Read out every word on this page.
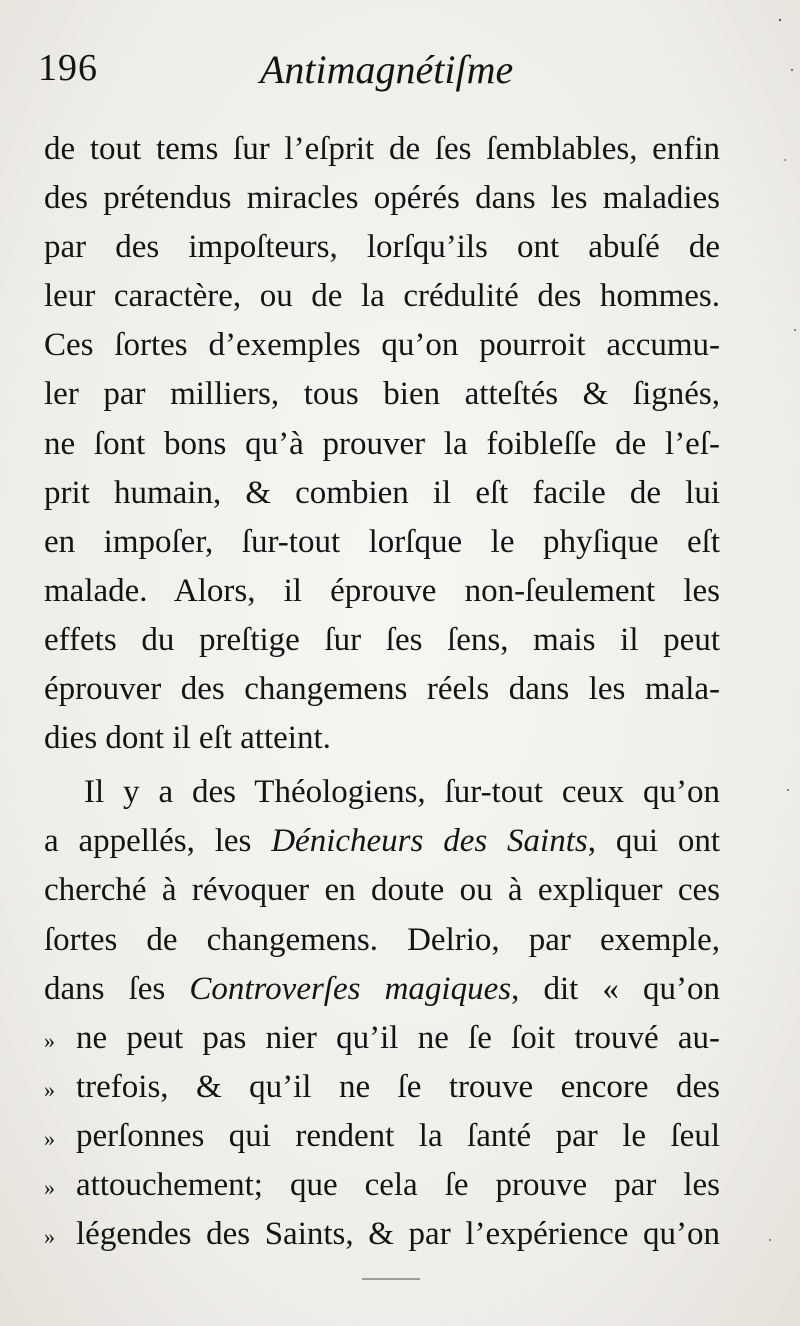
196	Antimagnétiſme
de tout tems ſur l’eſprit de ſes ſemblables, enfin
des prétendus miracles opérés dans les maladies
par des impoſteurs, lorſqu’ils ont abuſé de
leur caractère, ou de la crédulité des hommes.
Ces ſortes d’exemples qu’on pourroit accumu-
ler par milliers, tous bien atteſtés & ſignés,
ne ſont bons qu’à prouver la foibleſſe de l’eſ-
prit humain, & combien il eſt facile de lui
en impoſer, ſur-tout lorſque le phyſique eſt
malade. Alors, il éprouve non-ſeulement les
effets du preſtige ſur ſes ſens, mais il peut
éprouver des changemens réels dans les mala-
dies dont il eſt atteint.
Il y a des Théologiens, ſur-tout ceux qu’on
a appellés, les Dénicheurs des Saints, qui ont
cherché à révoquer en doute ou à expliquer ces
ſortes de changemens. Delrio, par exemple,
dans ſes Controverſes magiques, dit « qu’on
» ne peut pas nier qu’il ne ſe ſoit trouvé au-
» trefois, & qu’il ne ſe trouve encore des
» perſonnes qui rendent la ſanté par le ſeul
» attouchement; que cela ſe prouve par les
» légendes des Saints, & par l’expérience qu’on
